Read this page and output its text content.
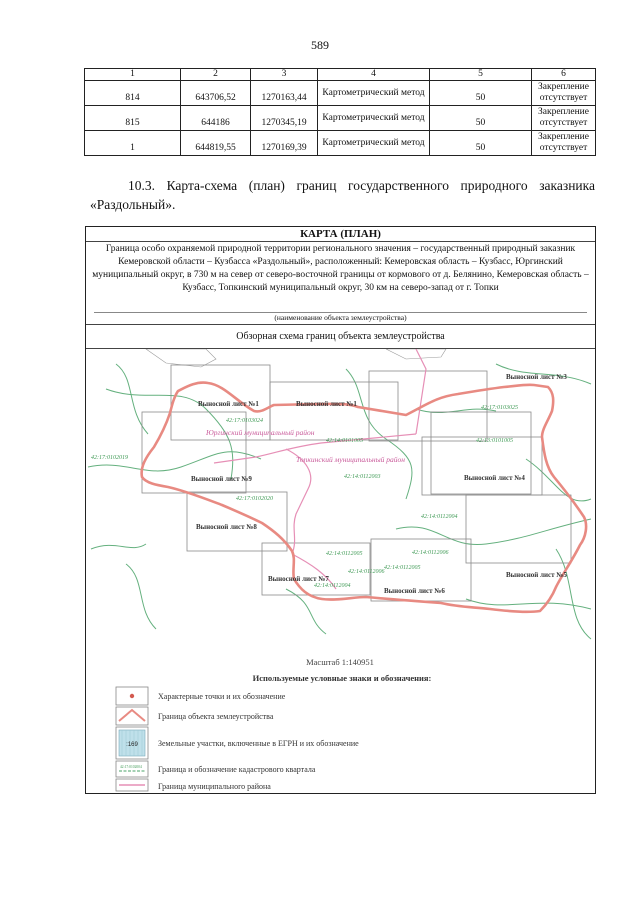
589
1	2	3	4	5	6
814	643706,52	1270163,44	Картометрический метод	50	Закрепление отсутствует
815	644186	1270345,19	Картометрический метод	50	Закрепление отсутствует
1	644819,55	1270169,39	Картометрический метод	50	Закрепление отсутствует
10.3. Карта-схема (план) границ государственного природного заказника «Раздольный».
КАРТА (ПЛАН)
Граница особо охраняемой природной территории регионального значения – государственный природный заказник Кемеровской области – Кузбасса «Раздольный», расположенный: Кемеровская область – Кузбасс, Юргинский муниципальный округ, в 730 м на север от северо-восточной границы от кормового от д. Белянино, Кемеровская область – Кузбасс, Топкинский муниципальный округ, 30 км на северо-запад от г. Топки
(наименование объекта землеустройства)
Обзорная схема границ объекта землеустройства
Выносной лист №1	Выносной лист №1
Выносной лист №3
Выносной лист №4
Выносной лист №5
Выносной лист №6
Выносной лист №7
Выносной лист №8
Выносной лист №9
42:17:0103024
42:17:0103025
42:14:0101005
42:17:0102019
42:13:0101005
42:17:0102020
42:14:0112003
42:14:0112004
42:14:0112005
42:14:0112006
42:14:0112004
42:14:0112005
42:14:0112006
Юргинский муниципальный район
Топкинский муниципальный район
Масштаб 1:140951
Используемые условные знаки и обозначения:
:169
42:17:0102004
Характерные точки и их обозначение
Граница объекта землеустройства
Земельные участки, включенные в ЕГРН и их обозначение
Граница и обозначение кадастрового квартала
Граница муниципального района
